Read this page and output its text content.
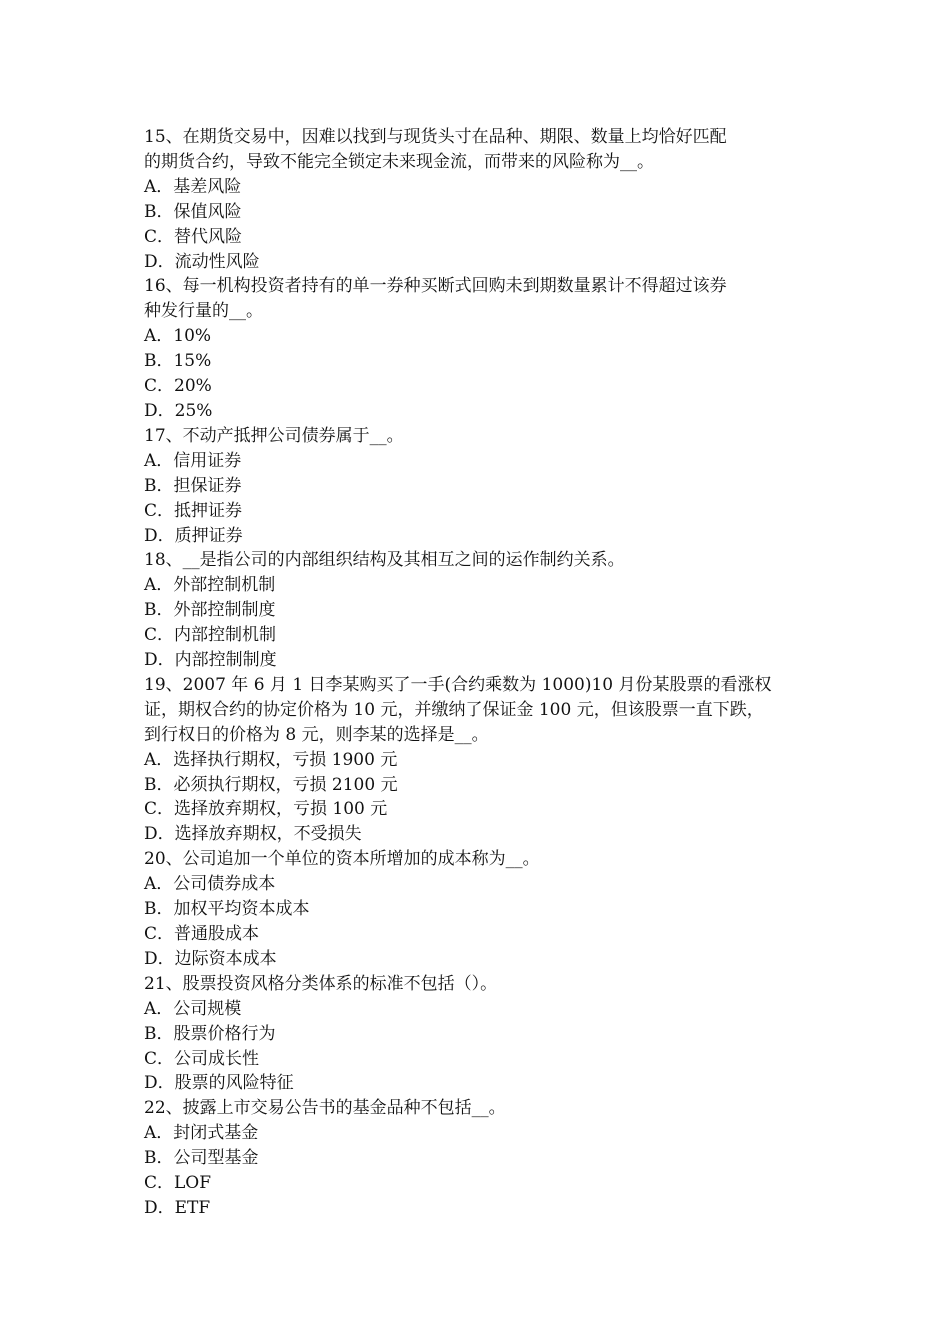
15、在期货交易中，因难以找到与现货头寸在品种、期限、数量上均恰好匹配
的期货合约，导致不能完全锁定未来现金流，而带来的风险称为__。
A．基差风险
B．保值风险
C．替代风险
D．流动性风险
16、每一机构投资者持有的单一券种买断式回购未到期数量累计不得超过该券
种发行量的__。
A．10%
B．15%
C．20%
D．25%
17、不动产抵押公司债券属于__。
A．信用证券
B．担保证券
C．抵押证券
D．质押证券
18、__是指公司的内部组织结构及其相互之间的运作制约关系。
A．外部控制机制
B．外部控制制度
C．内部控制机制
D．内部控制制度
19、2007 年 6 月 1 日李某购买了一手(合约乘数为 1000)10 月份某股票的看涨权
证，期权合约的协定价格为 10 元，并缴纳了保证金 100 元，但该股票一直下跌，
到行权日的价格为 8 元，则李某的选择是__。
A．选择执行期权，亏损 1900 元
B．必须执行期权，亏损 2100 元
C．选择放弃期权，亏损 100 元
D．选择放弃期权，不受损失
20、公司追加一个单位的资本所增加的成本称为__。
A．公司债券成本
B．加权平均资本成本
C．普通股成本
D．边际资本成本
21、股票投资风格分类体系的标准不包括（）。
A．公司规模
B．股票价格行为
C．公司成长性
D．股票的风险特征
22、披露上市交易公告书的基金品种不包括__。
A．封闭式基金
B．公司型基金
C．LOF
D．ETF
